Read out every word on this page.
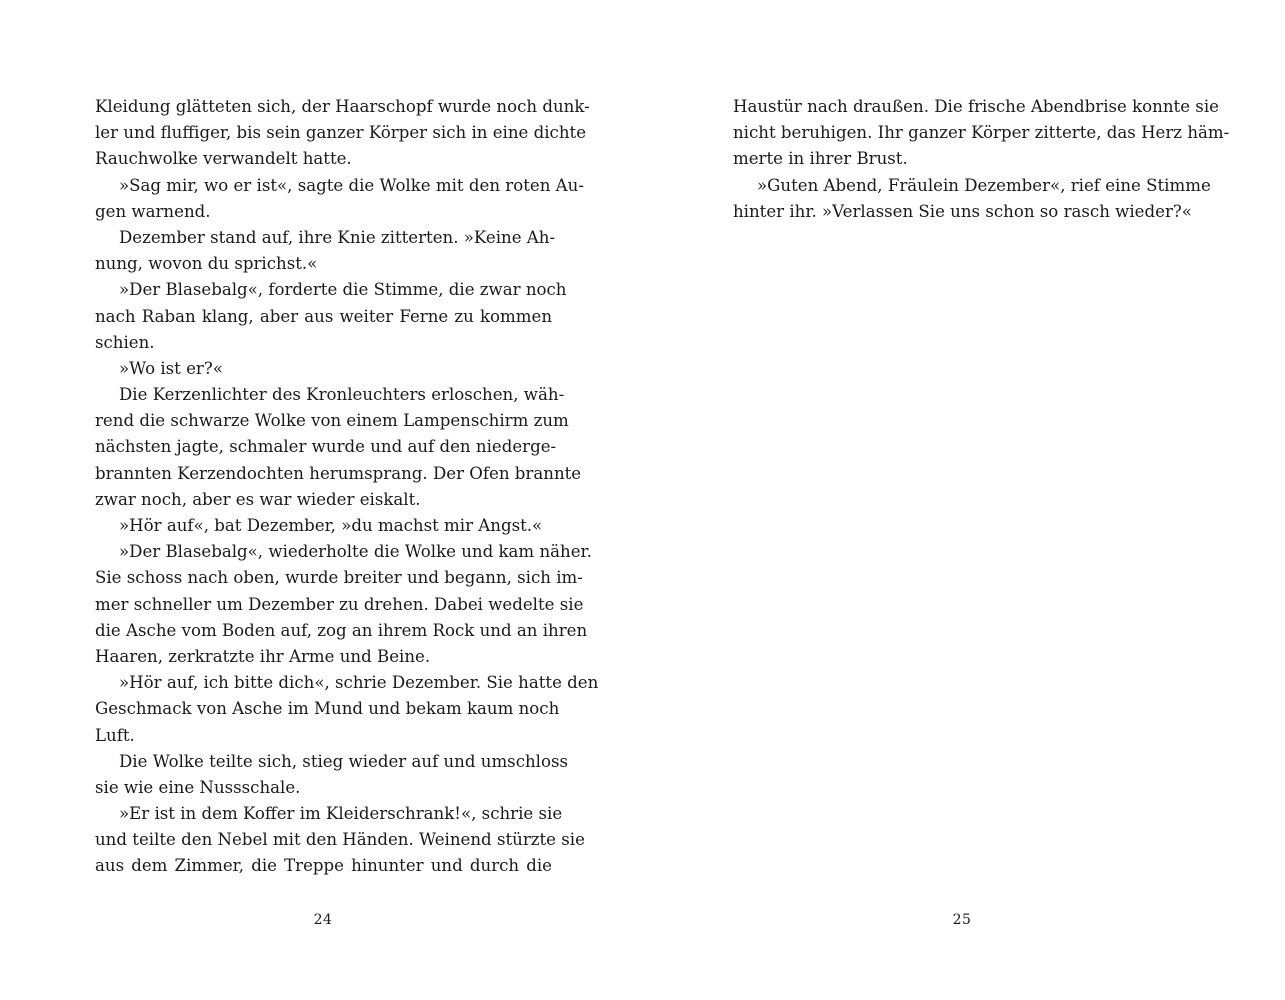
Kleidung glätteten sich, der Haarschopf wurde noch dunk-
ler und fluffiger, bis sein ganzer Körper sich in eine dichte
Rauchwolke verwandelt hatte.
»Sag mir, wo er ist«, sagte die Wolke mit den roten Au-
gen warnend.
Dezember stand auf, ihre Knie zitterten. »Keine Ah-
nung, wovon du sprichst.«
»Der Blasebalg«, forderte die Stimme, die zwar noch
nach Raban klang, aber aus weiter Ferne zu kommen
schien.
»Wo ist er?«
Die Kerzenlichter des Kronleuchters erloschen, wäh-
rend die schwarze Wolke von einem Lampenschirm zum
nächsten jagte, schmaler wurde und auf den niederge-
brannten Kerzendochten herumsprang. Der Ofen brannte
zwar noch, aber es war wieder eiskalt.
»Hör auf«, bat Dezember, »du machst mir Angst.«
»Der Blasebalg«, wiederholte die Wolke und kam näher.
Sie schoss nach oben, wurde breiter und begann, sich im-
mer schneller um Dezember zu drehen. Dabei wedelte sie
die Asche vom Boden auf, zog an ihrem Rock und an ihren
Haaren, zerkratzte ihr Arme und Beine.
»Hör auf, ich bitte dich«, schrie Dezember. Sie hatte den
Geschmack von Asche im Mund und bekam kaum noch
Luft.
Die Wolke teilte sich, stieg wieder auf und umschloss
sie wie eine Nussschale.
»Er ist in dem Koffer im Kleiderschrank!«, schrie sie
und teilte den Nebel mit den Händen. Weinend stürzte sie
aus dem Zimmer, die Treppe hinunter und durch die
24
Haustür nach draußen. Die frische Abendbrise konnte sie
nicht beruhigen. Ihr ganzer Körper zitterte, das Herz häm-
merte in ihrer Brust.
»Guten Abend, Fräulein Dezember«, rief eine Stimme
hinter ihr. »Verlassen Sie uns schon so rasch wieder?«
25
